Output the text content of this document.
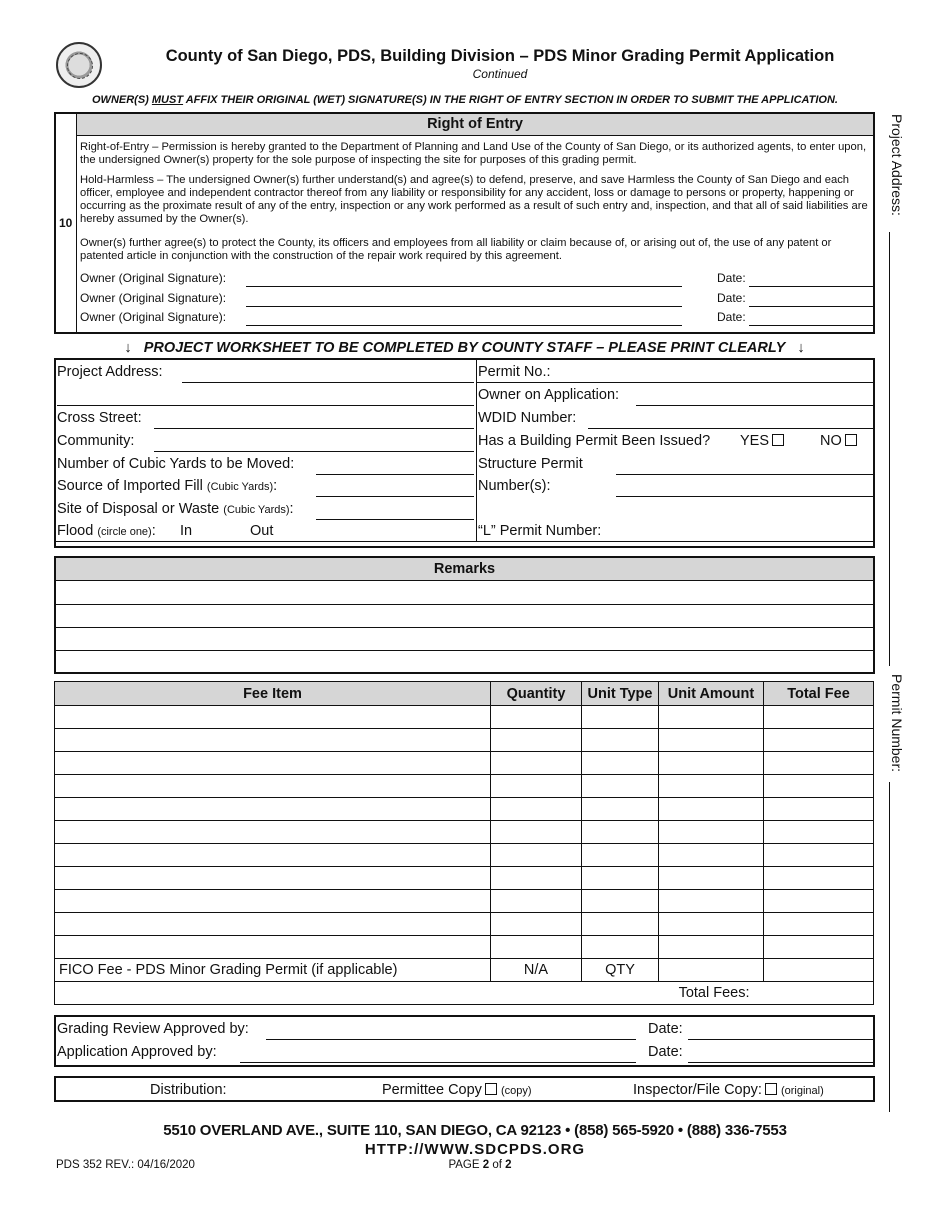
County of San Diego, PDS, Building Division – PDS Minor Grading Permit Application
Continued
OWNER(S) MUST AFFIX THEIR ORIGINAL (WET) SIGNATURE(S) IN THE RIGHT OF ENTRY SECTION IN ORDER TO SUBMIT THE APPLICATION.
10
Right of Entry
Right-of-Entry – Permission is hereby granted to the Department of Planning and Land Use of the County of San Diego, or its authorized agents, to enter upon, the undersigned Owner(s) property for the sole purpose of inspecting the site for purposes of this grading permit.
Hold-Harmless – The undersigned Owner(s) further understand(s) and agree(s) to defend, preserve, and save Harmless the County of San Diego and each officer, employee and independent contractor thereof from any liability or responsibility for any accident, loss or damage to persons or property, happening or occurring as the proximate result of any of the entry, inspection or any work performed as a result of such entry and, inspection, and that all of said liabilities are hereby assumed by the Owner(s).
Owner(s) further agree(s) to protect the County, its officers and employees from all liability or claim because of, or arising out of, the use of any patent or patented article in conjunction with the construction of the repair work required by this agreement.
Owner (Original Signature):	Date:
Owner (Original Signature):	Date:
Owner (Original Signature):	Date:
↓ PROJECT WORKSHEET TO BE COMPLETED BY COUNTY STAFF – PLEASE PRINT CLEARLY ↓
Project Address:
Cross Street:
Community:
Number of Cubic Yards to be Moved:
Source of Imported Fill (Cubic Yards):
Site of Disposal or Waste (Cubic Yards):
Flood (circle one): In	Out
Permit No.:
Owner on Application:
WDID Number:
Has a Building Permit Been Issued? YES	NO
Structure Permit
Number(s):
“L” Permit Number:
Remarks
Fee Item	Quantity	Unit Type	Unit Amount	Total Fee

FICO Fee - PDS Minor Grading Permit (if applicable)	N/A	QTY		
Total Fees:				
Grading Review Approved by:	Date:
Application Approved by:	Date:
Distribution:	Permittee Copy (copy)	Inspector/File Copy: (original)
Project Address:
Permit Number:
5510 OVERLAND AVE., SUITE 110, SAN DIEGO, CA 92123 • (858) 565-5920 • (888) 336-7553
HTTP://WWW.SDCPDS.ORG
PDS 352 REV.: 04/16/2020	PAGE 2 of 2
